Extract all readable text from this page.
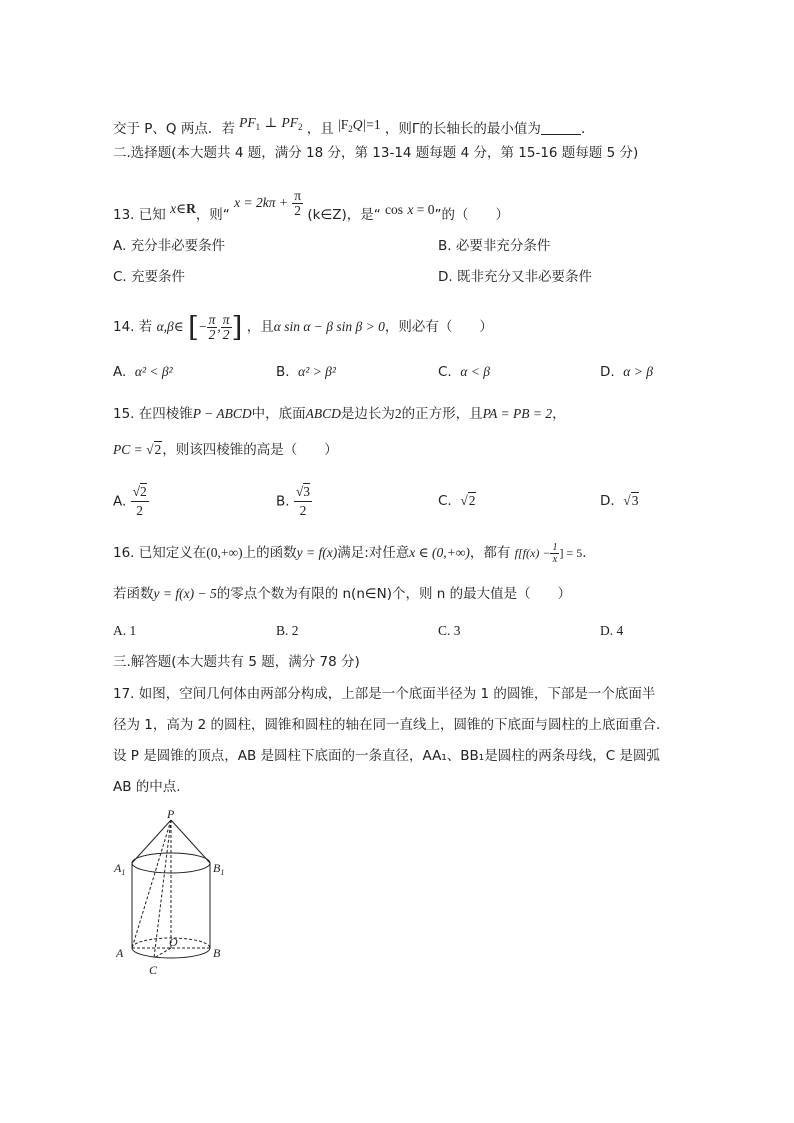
交于 P、Q 两点．若 $PF_1$ ⊥ $PF_2$ ，且 $|F_2Q|=1$ ，则Γ的长轴长的最小值为	．
二.选择题(本大题共 4 题，满分 18 分，第 13-14 题每题 4 分，第 15-16 题每题 5 分)
13. 已知 x∈R，则“ $x = 2k\pi + \frac{\pi}{2}$ (k∈Z)，是“ cos x = 0”的（　　）
A. 充分非必要条件	B. 必要非充分条件
C. 充要条件	D. 既非充分又非必要条件
14. 若 α,β∈ [− $\frac{\pi}{2}$ , $\frac{\pi}{2}$ ] ，且α sin α − β sin β > 0，则必有（　　）
A. α² < β²	B. α² > β²	C. α < β	D. α > β
15. 在四棱锥P − ABCD中，底面ABCD是边长为2的正方形，且PA = PB = 2，
PC = √2，则该四棱锥的高是（　　）
A. $\frac{√2}{2}$	B. $\frac{√3}{2}$	C. √2	D. √3
16. 已知定义在(0,+∞)上的函数y = f(x)满足:对任意x ∈ (0,+∞)，都有 $f[f(x) - \frac{1}{x}$ ] = 5.
若函数y = f(x) − 5的零点个数为有限的 n(n∈N)个，则 n 的最大值是（　　）
A. 1	B. 2	C. 3	D. 4
三.解答题(本大题共有 5 题，满分 78 分)
17. 如图，空间几何体由两部分构成，上部是一个底面半径为 1 的圆锥，下部是一个底面半
径为 1，高为 2 的圆柱，圆锥和圆柱的轴在同一直线上，圆锥的下底面与圆柱的上底面重合.
设 P 是圆锥的顶点，AB 是圆柱下底面的一条直径，AA₁、BB₁是圆柱的两条母线，C 是圆弧
AB 的中点.
P
$A_1$	$B_1$
A	B
O
C
